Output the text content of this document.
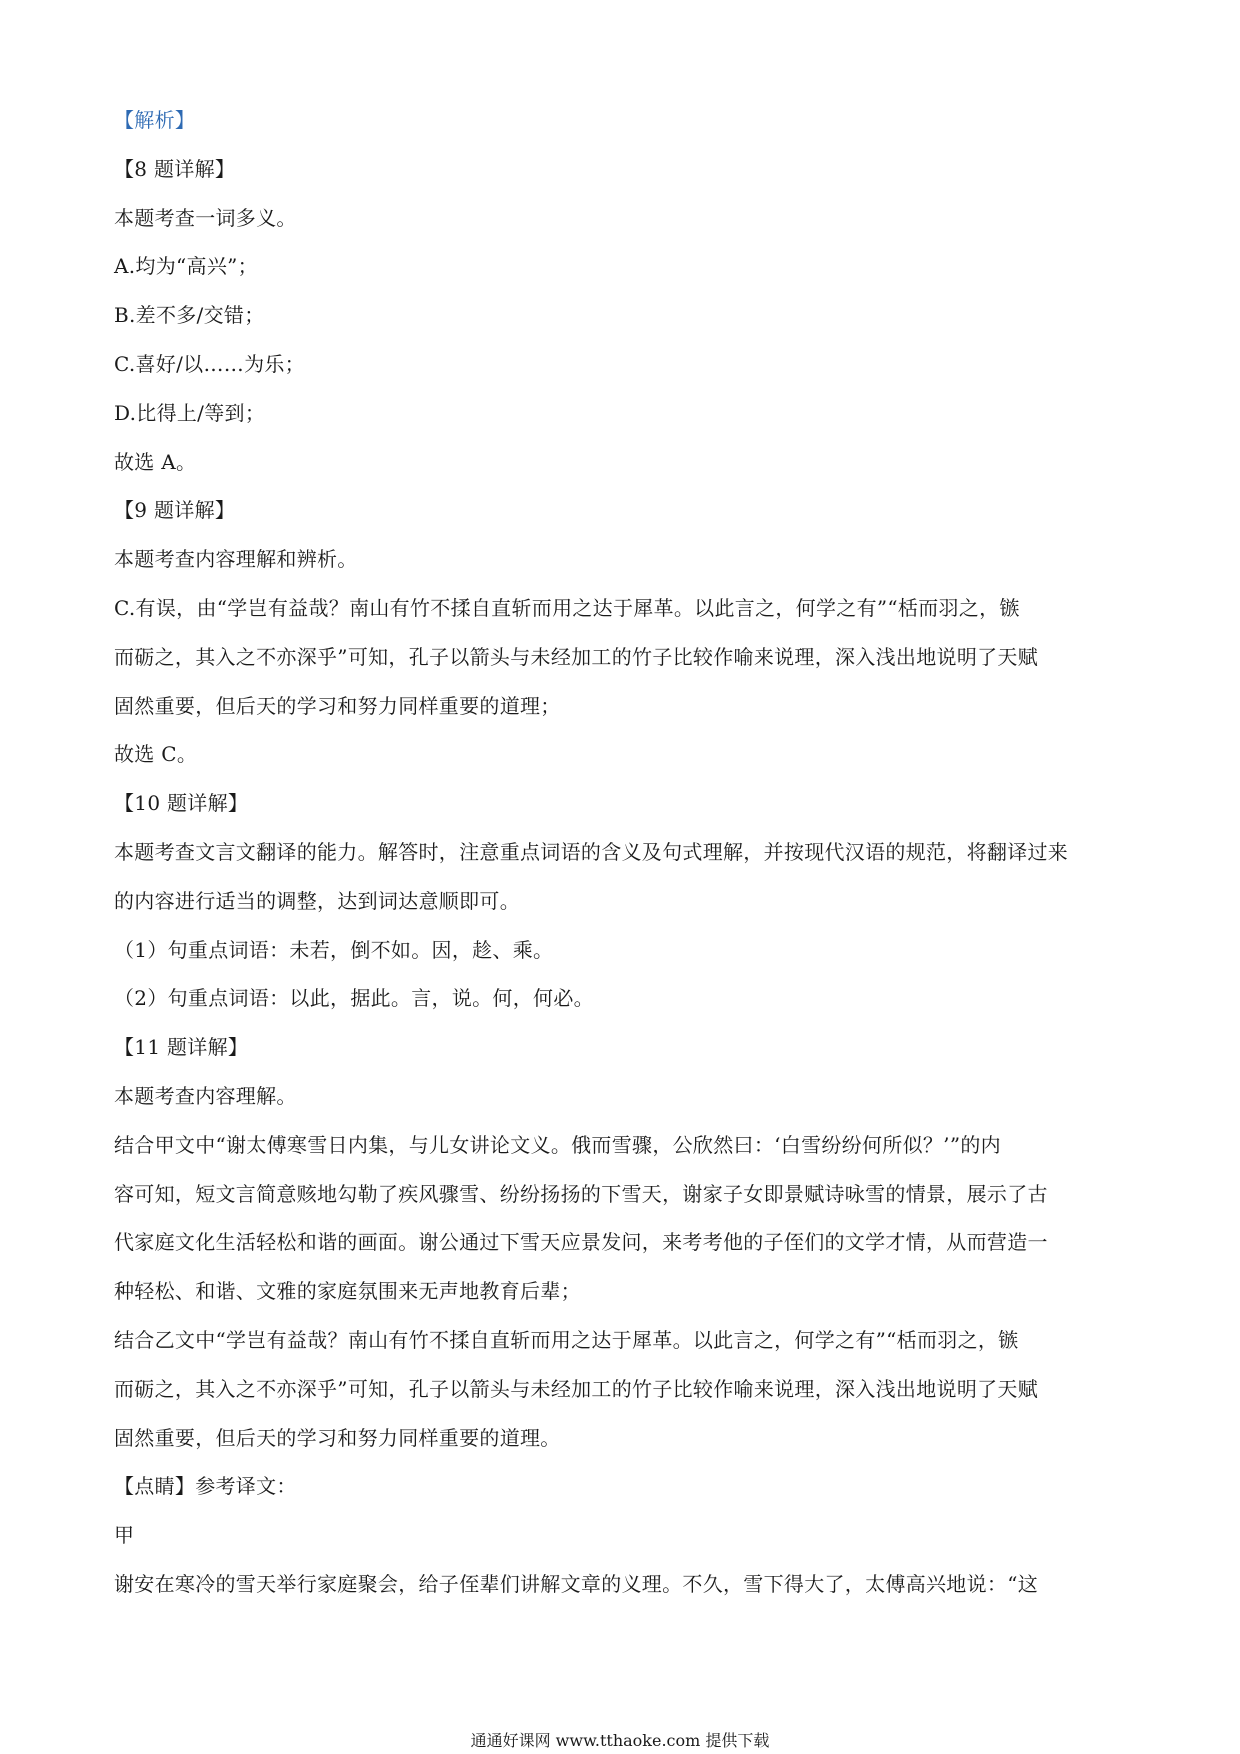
【解析】
【8 题详解】
本题考查一词多义。
A.均为“高兴”；
B.差不多/交错；
C.喜好/以……为乐；
D.比得上/等到；
故选 A。
【9 题详解】
本题考查内容理解和辨析。
C.有误，由“学岂有益哉？南山有竹不揉自直斩而用之达于犀革。以此言之，何学之有”“栝而羽之，镞
而砺之，其入之不亦深乎”可知，孔子以箭头与未经加工的竹子比较作喻来说理，深入浅出地说明了天赋
固然重要，但后天的学习和努力同样重要的道理；
故选 C。
【10 题详解】
本题考查文言文翻译的能力。解答时，注意重点词语的含义及句式理解，并按现代汉语的规范，将翻译过来
的内容进行适当的调整，达到词达意顺即可。
（1）句重点词语：未若，倒不如。因，趁、乘。
（2）句重点词语：以此，据此。言，说。何，何必。
【11 题详解】
本题考查内容理解。
结合甲文中“谢太傅寒雪日内集，与儿女讲论文义。俄而雪骤，公欣然曰：‘白雪纷纷何所似？’”的内
容可知，短文言简意赅地勾勒了疾风骤雪、纷纷扬扬的下雪天，谢家子女即景赋诗咏雪的情景，展示了古
代家庭文化生活轻松和谐的画面。谢公通过下雪天应景发问，来考考他的子侄们的文学才情，从而营造一
种轻松、和谐、文雅的家庭氛围来无声地教育后辈；
结合乙文中“学岂有益哉？南山有竹不揉自直斩而用之达于犀革。以此言之，何学之有”“栝而羽之，镞
而砺之，其入之不亦深乎”可知，孔子以箭头与未经加工的竹子比较作喻来说理，深入浅出地说明了天赋
固然重要，但后天的学习和努力同样重要的道理。
【点睛】参考译文：
甲
谢安在寒冷的雪天举行家庭聚会，给子侄辈们讲解文章的义理。不久，雪下得大了，太傅高兴地说：“这
通通好课网 www.tthaoke.com 提供下载
